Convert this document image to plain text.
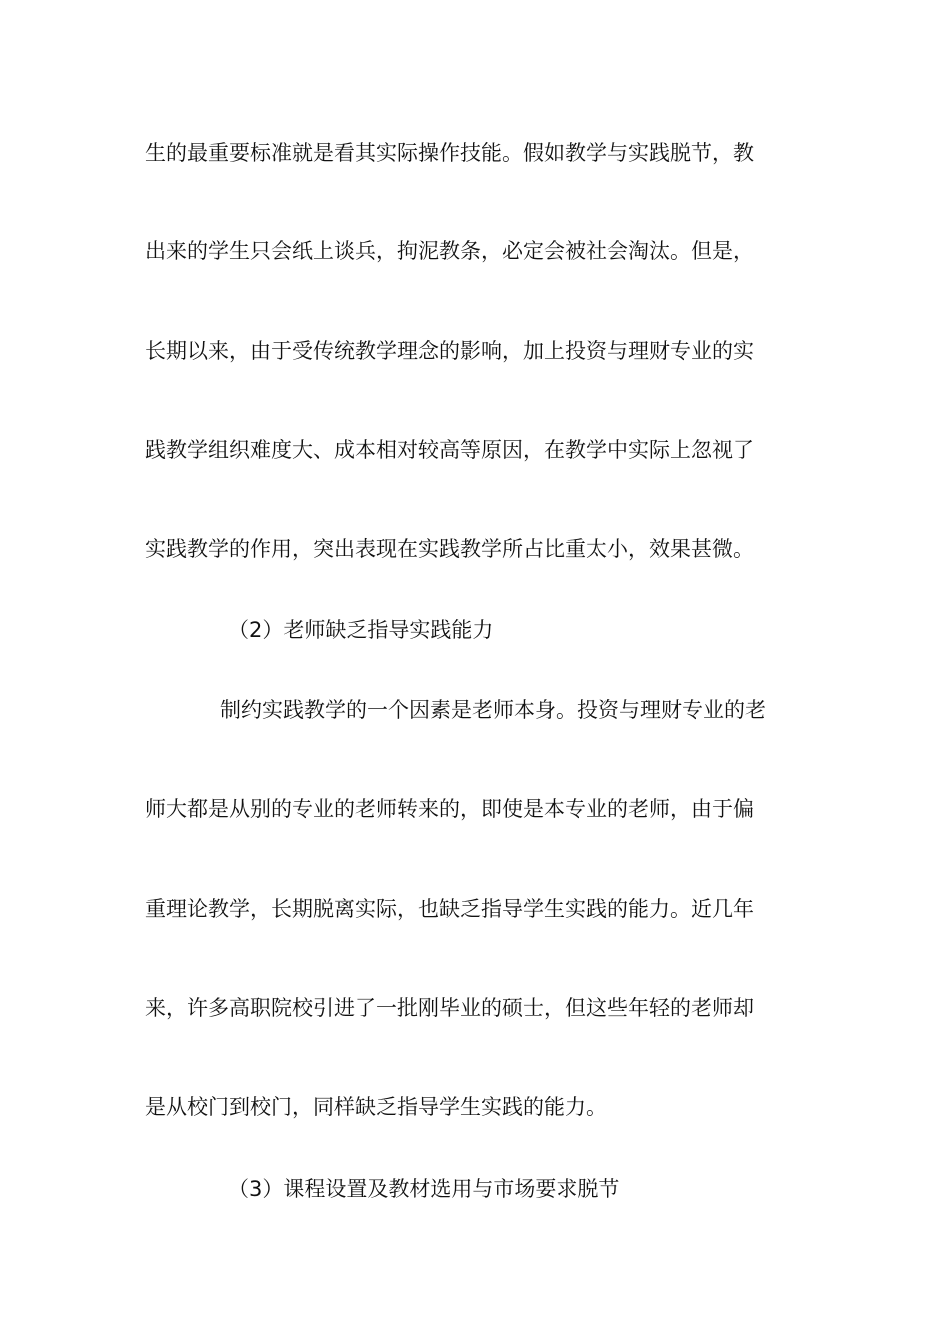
生的最重要标准就是看其实际操作技能。假如教学与实践脱节，教
出来的学生只会纸上谈兵，拘泥教条，必定会被社会淘汰。但是，
长期以来，由于受传统教学理念的影响，加上投资与理财专业的实
践教学组织难度大、成本相对较高等原因，在教学中实际上忽视了
实践教学的作用，突出表现在实践教学所占比重太小，效果甚微。
（2）老师缺乏指导实践能力
制约实践教学的一个因素是老师本身。投资与理财专业的老
师大都是从别的专业的老师转来的，即使是本专业的老师，由于偏
重理论教学，长期脱离实际，也缺乏指导学生实践的能力。近几年
来，许多高职院校引进了一批刚毕业的硕士，但这些年轻的老师却
是从校门到校门，同样缺乏指导学生实践的能力。
（3）课程设置及教材选用与市场要求脱节
